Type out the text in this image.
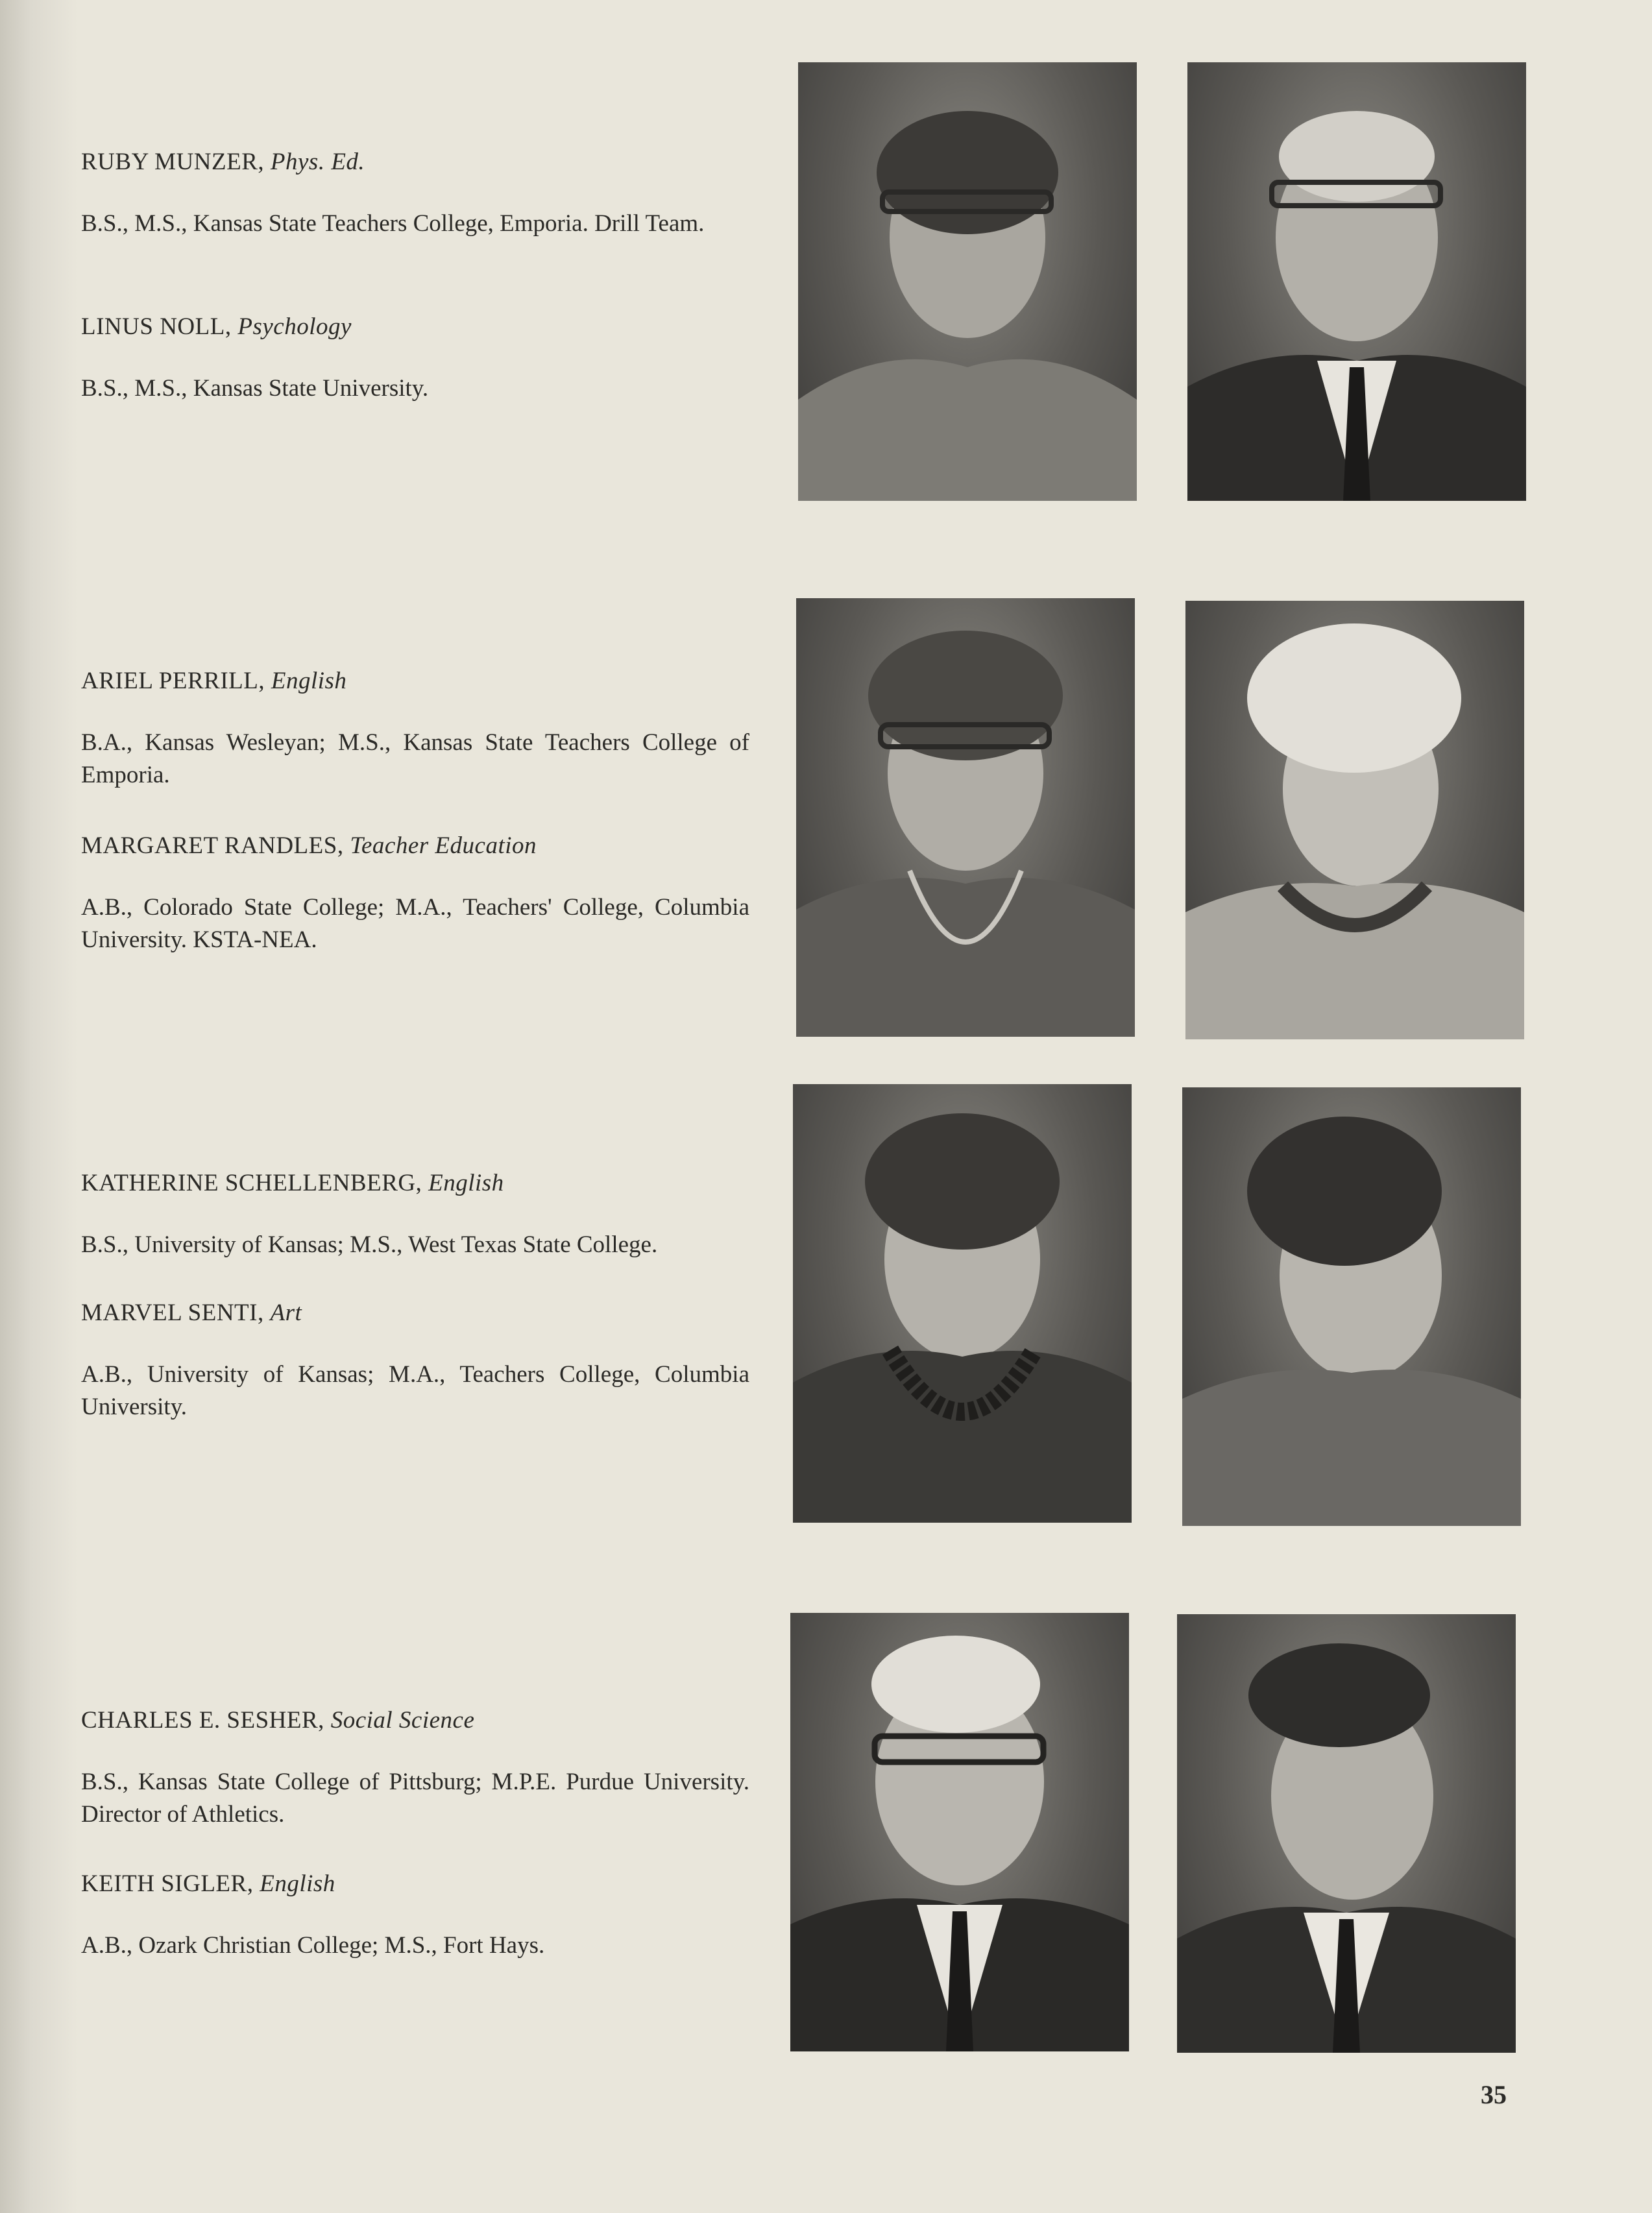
RUBY MUNZER, Phys. Ed.

B.S., M.S., Kansas State Teachers College, Emporia. Drill Team.

LINUS NOLL, Psychology

B.S., M.S., Kansas State University.

ARIEL PERRILL, English

B.A., Kansas Wesleyan; M.S., Kansas State Teachers College of Emporia.

MARGARET RANDLES, Teacher Education

A.B., Colorado State College; M.A., Teachers' College, Columbia University. KSTA-NEA.

KATHERINE SCHELLENBERG, English

B.S., University of Kansas; M.S., West Texas State College.

MARVEL SENTI, Art

A.B., University of Kansas; M.A., Teachers College, Columbia University.

CHARLES E. SESHER, Social Science

B.S., Kansas State College of Pittsburg; M.P.E. Purdue University. Director of Athletics.

KEITH SIGLER, English

A.B., Ozark Christian College; M.S., Fort Hays.

35
